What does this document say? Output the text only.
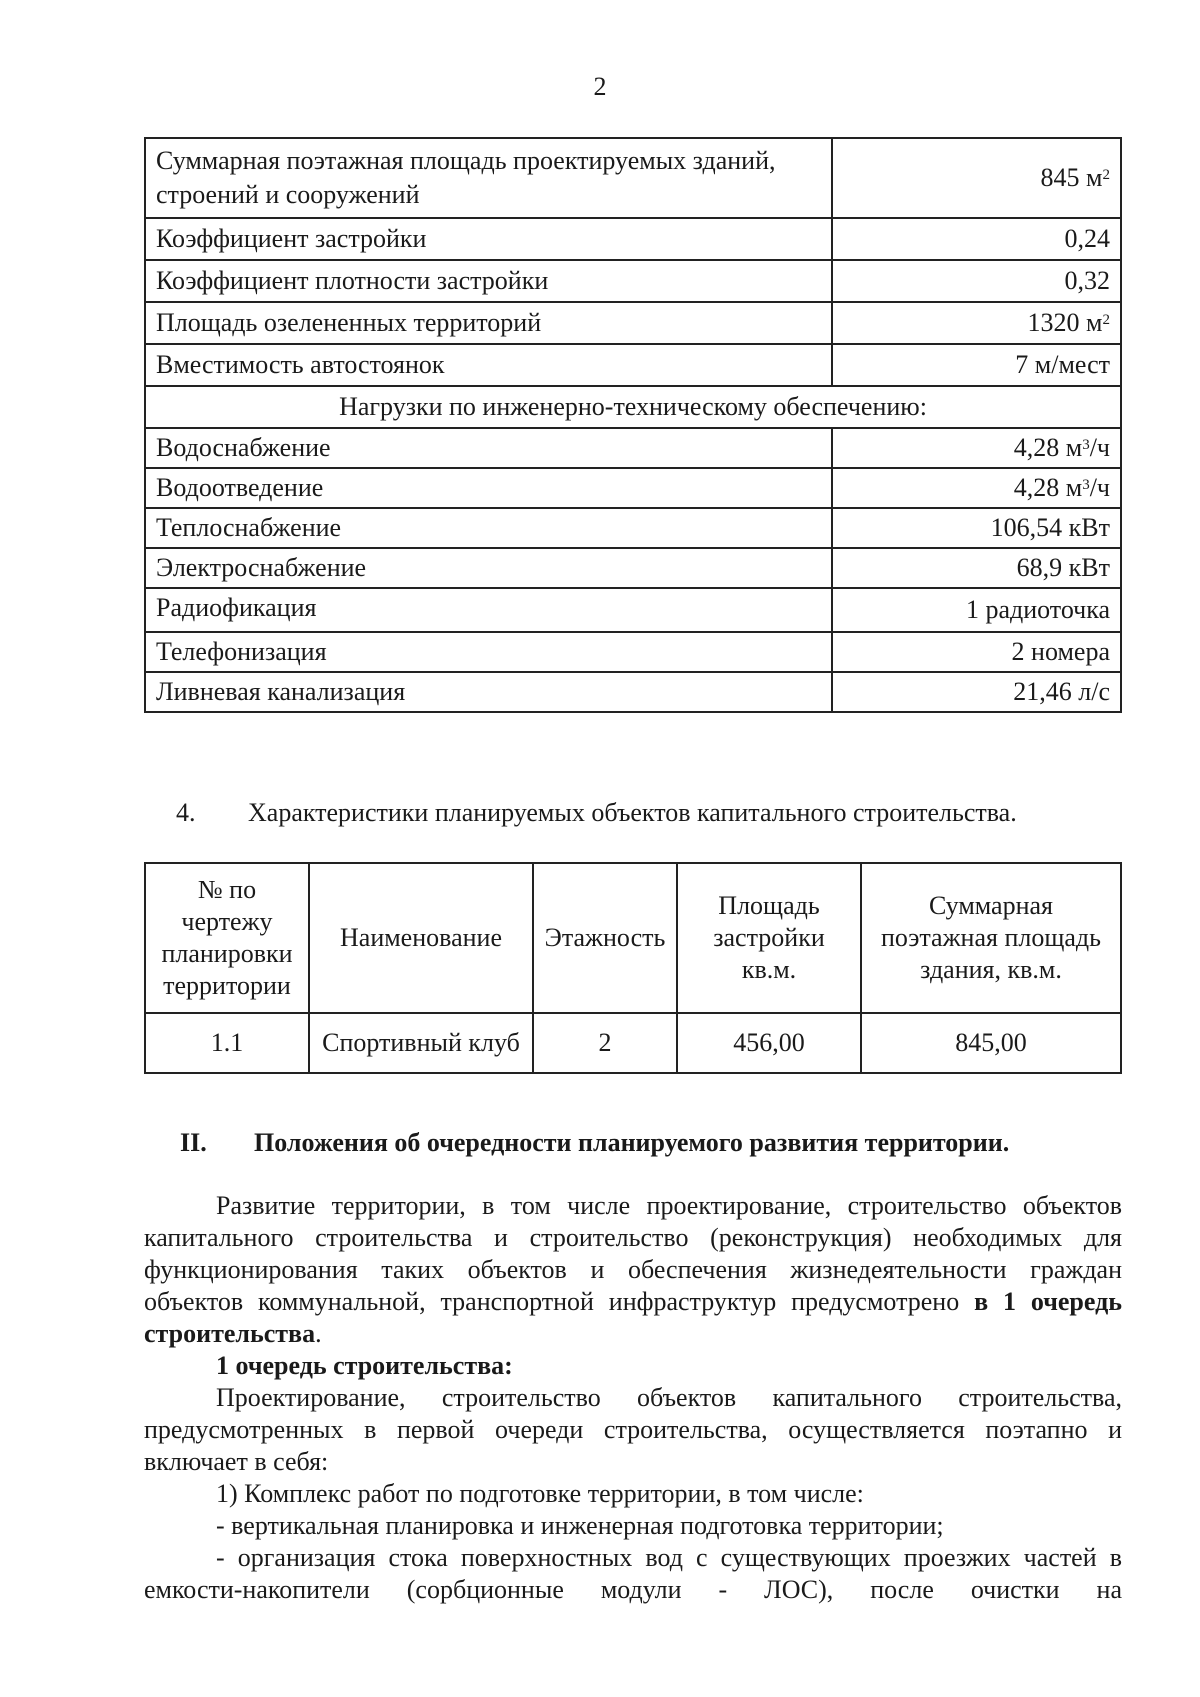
2
Суммарная поэтажная площадь проектируемых зданий, строений и сооружений	845 $м^2$
Коэффициент застройки	0,24
Коэффициент плотности застройки	0,32
Площадь озелененных территорий	1320 $м^2$
Вместимость автостоянок	7 м/мест
Нагрузки по инженерно-техническому обеспечению:	
Водоснабжение	4,28 $м^3/ч$
Водоотведение	4,28 $м^3/ч$
Теплоснабжение	106,54 кВт
Электроснабжение	68,9 кВт
Радиофикация	1 радиоточка
Телефонизация	2 номера
Ливневая канализация	21,46 л/с
4. Характеристики планируемых объектов капитального строительства.
№ по чертежу планировки территории	Наименование	Этажность	Площадь застройки кв.м.	Суммарная поэтажная площадь здания, кв.м.
1.1	Спортивный клуб	2	456,00	845,00
II. Положения об очередности планируемого развития территории.

Развитие территории, в том числе проектирование, строительство объектов капитального строительства и строительство (реконструкция) необходимых для функционирования таких объектов и обеспечения жизнедеятельности граждан объектов коммунальной, транспортной инфраструктур предусмотрено в 1 очередь строительства.

1 очередь строительства:

Проектирование, строительство объектов капитального строительства, предусмотренных в первой очереди строительства, осуществляется поэтапно и включает в себя:

1) Комплекс работ по подготовке территории, в том числе:

- вертикальная планировка и инженерная подготовка территории;

- организация стока поверхностных вод с существующих проезжих частей в емкости-накопители (сорбционные модули - ЛОС), после очистки на
